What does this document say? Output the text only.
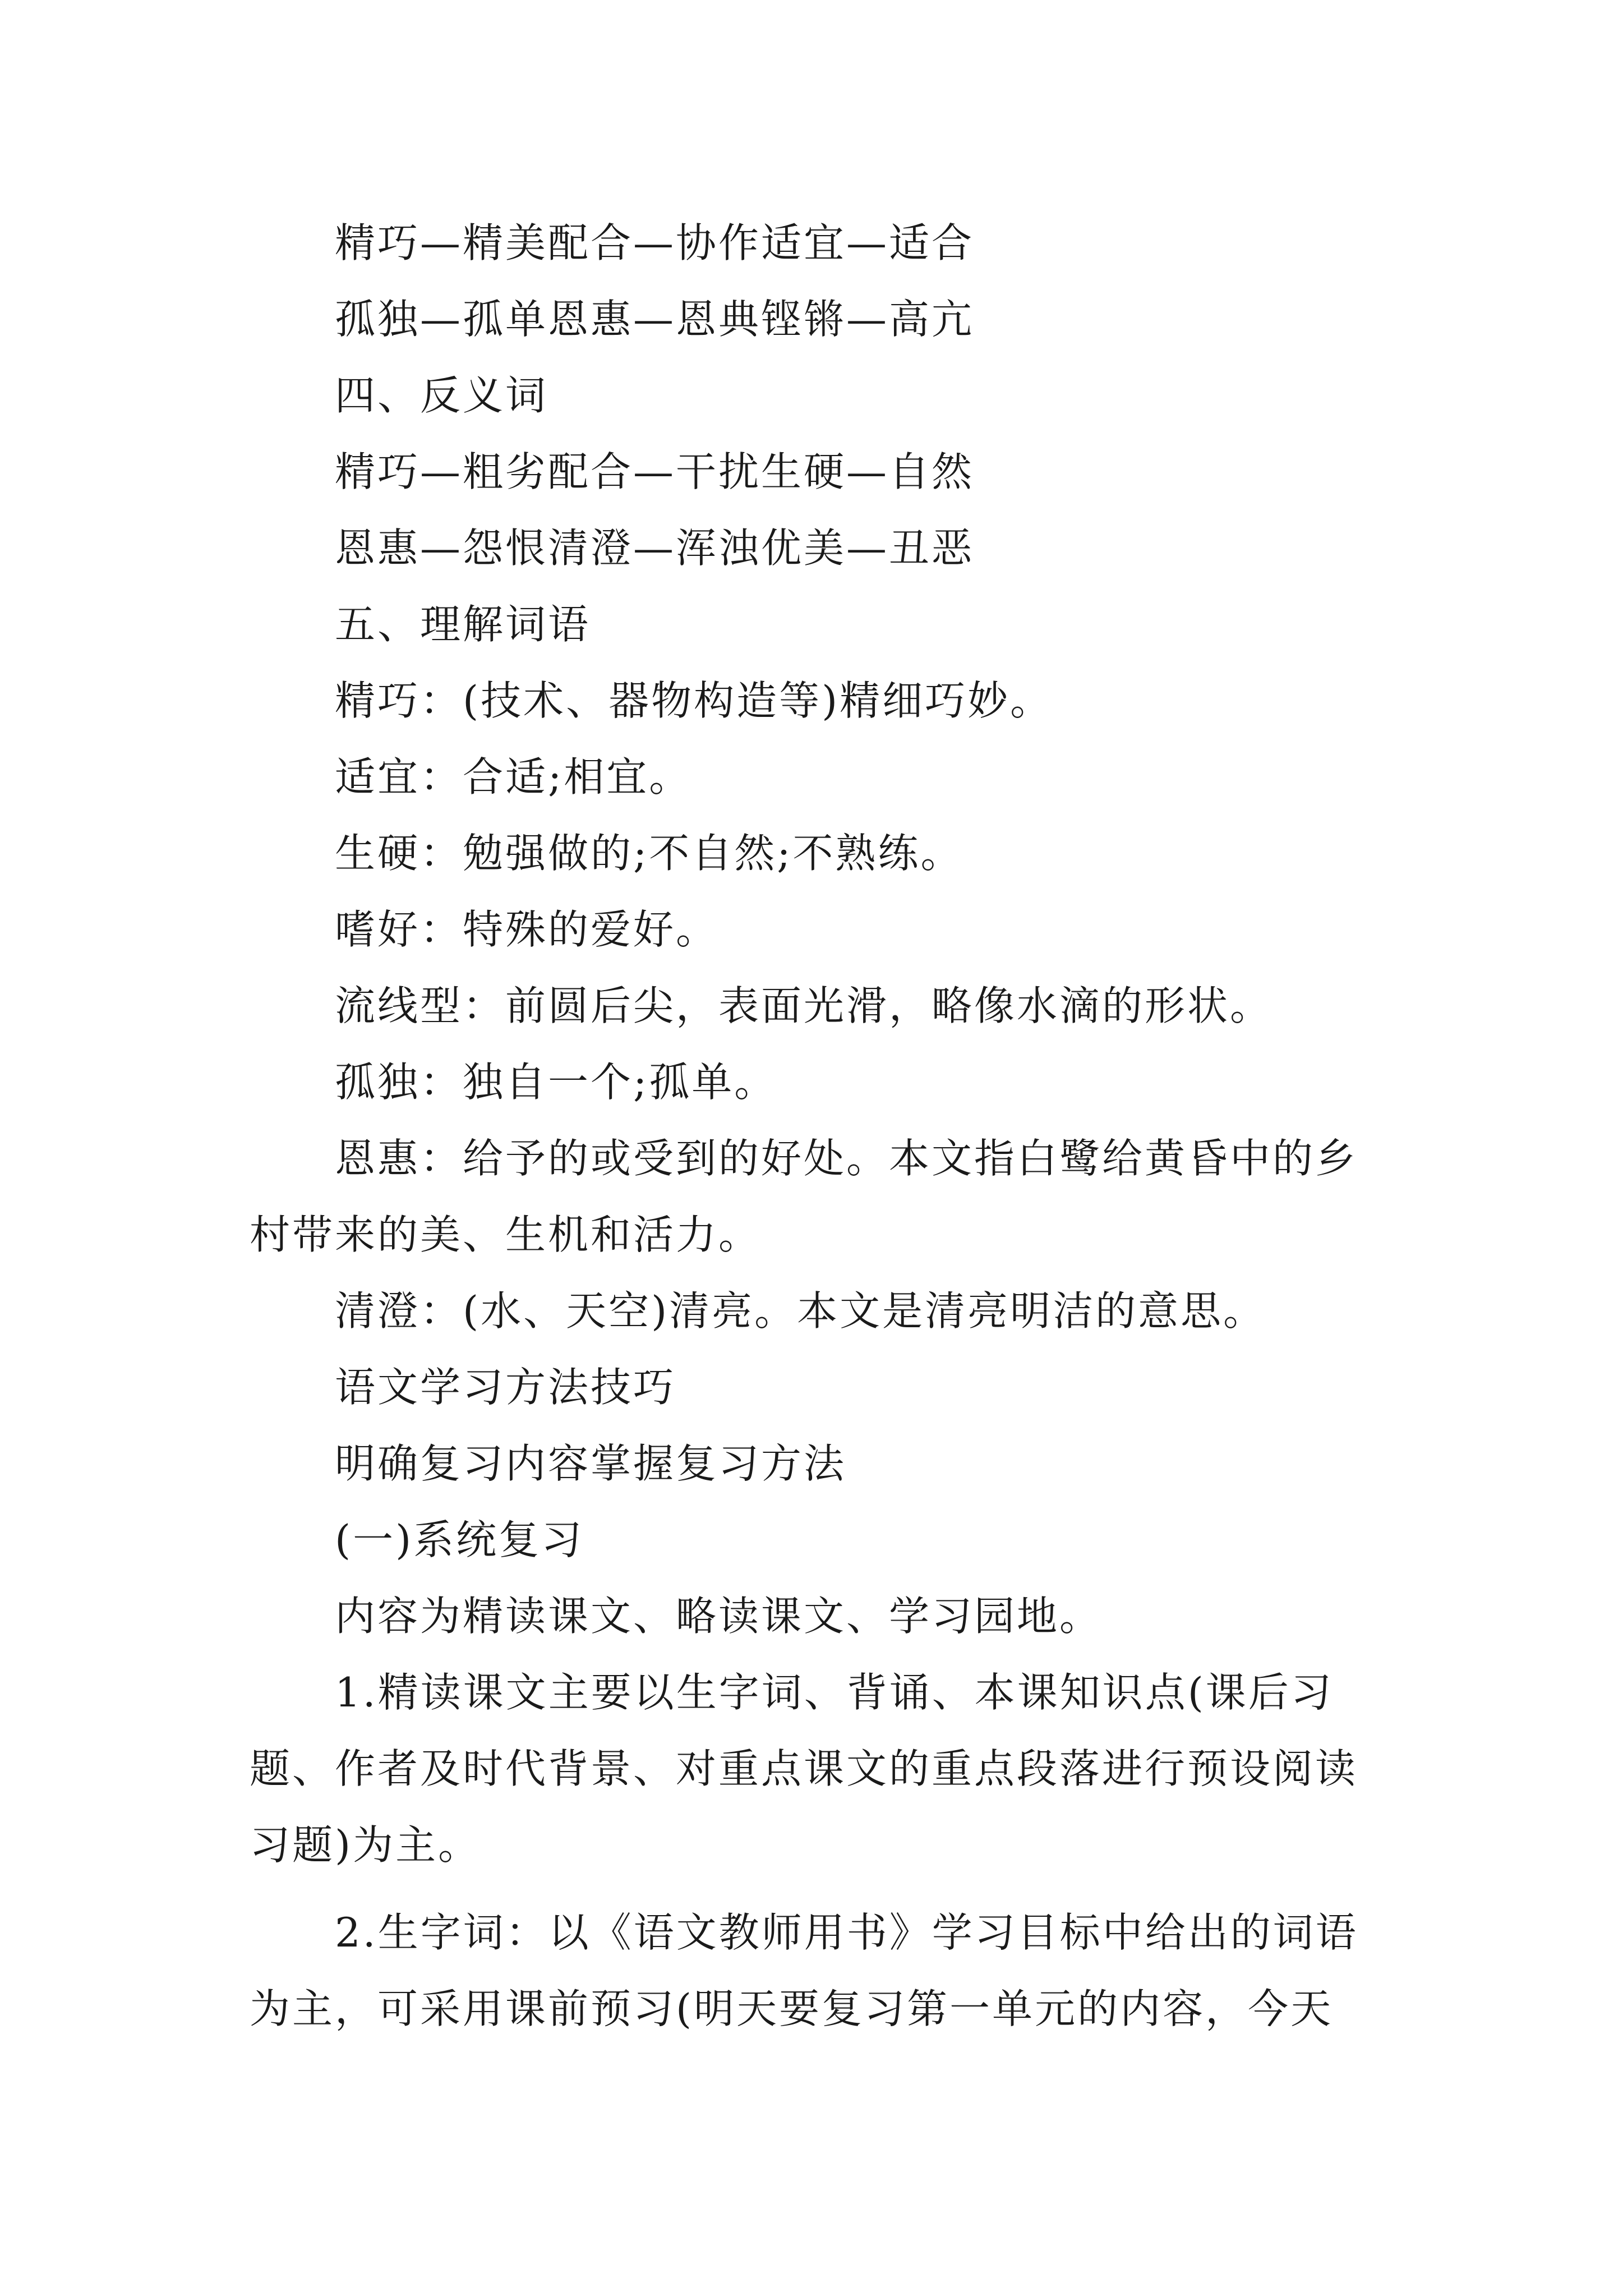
精巧—精美配合—协作适宜—适合

孤独—孤单恩惠—恩典铿锵—高亢

四、反义词

精巧—粗劣配合—干扰生硬—自然

恩惠—怨恨清澄—浑浊优美—丑恶

五、理解词语

精巧：(技术、器物构造等)精细巧妙。

适宜：合适;相宜。

生硬：勉强做的;不自然;不熟练。

嗜好：特殊的爱好。

流线型：前圆后尖，表面光滑，略像水滴的形状。

孤独：独自一个;孤单。

恩惠：给予的或受到的好处。本文指白鹭给黄昏中的乡
村带来的美、生机和活力。

清澄：(水、天空)清亮。本文是清亮明洁的意思。

语文学习方法技巧

明确复习内容掌握复习方法

(一)系统复习

内容为精读课文、略读课文、学习园地。

1.精读课文主要以生字词、背诵、本课知识点(课后习
题、作者及时代背景、对重点课文的重点段落进行预设阅读
习题)为主。
2.生字词：以《语文教师用书》学习目标中给出的词语
为主，可采用课前预习(明天要复习第一单元的内容，今天
